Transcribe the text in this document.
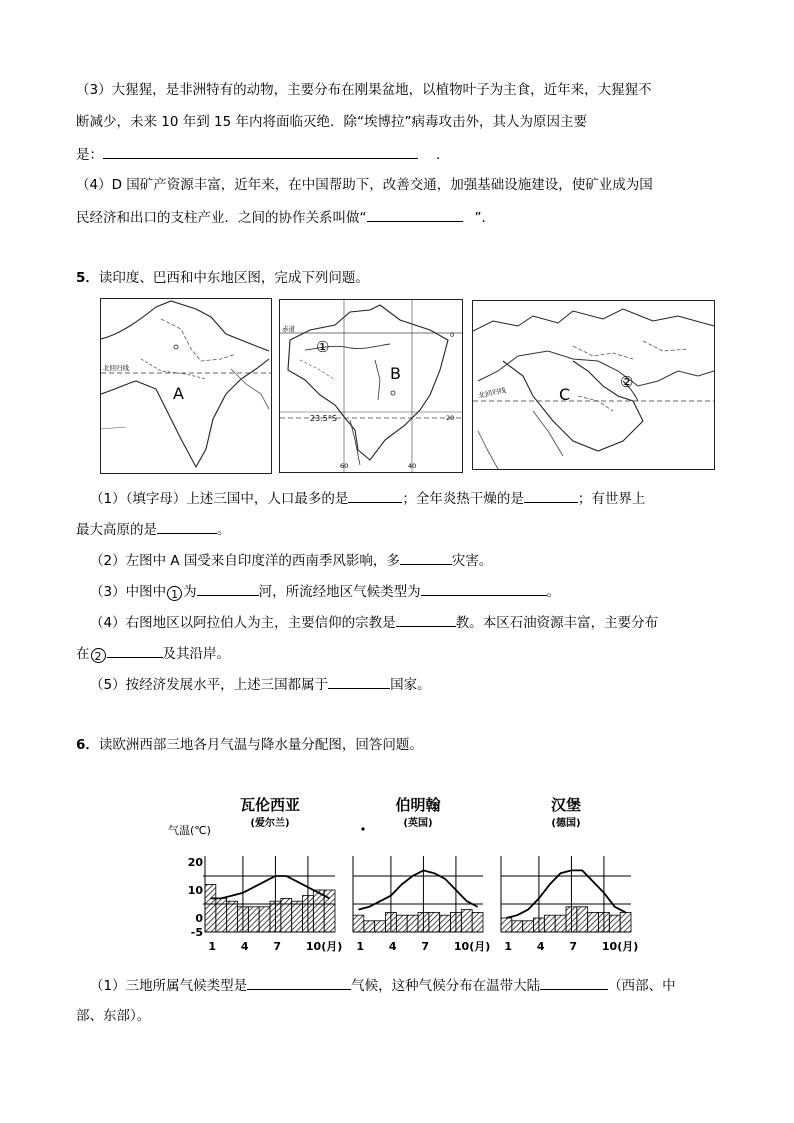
（3）大猩猩，是非洲特有的动物，主要分布在刚果盆地，以植物叶子为主食，近年来，大猩猩不
断减少，未来 10 年到 15 年内将面临灭绝．除“埃博拉”病毒攻击外，其人为原因主要
是：	．
（4）D 国矿产资源丰富，近年来，在中国帮助下，改善交通，加强基础设施建设，使矿业成为国
民经济和出口的支柱产业．之间的协作关系叫做“	”．
5．读印度、巴西和中东地区图，完成下列问题。
北回归线
A
赤道
0
20
23.5°S
60	40
①
B
北回归线	C
②
（1）（填字母）上述三国中，人口最多的是	；全年炎热干燥的是	；有世界上
最大高原的是	。
（2）左图中 A 国受来自印度洋的西南季风影响，多	灾害。
（3）中图中 1 为	河，所流经地区气候类型为	。
（4）右图地区以阿拉伯人为主，主要信仰的宗教是	教。本区石油资源丰富，主要分布
在 2	及其沿岸。
（5）按经济发展水平，上述三国都属于	国家。
6．读欧洲西部三地各月气温与降水量分配图，回答问题。
气温(℃)
20
10
0
-5
瓦伦西亚
(爱尔兰)
1 4 7 10(月)
伯明翰
(英国)
1 4 7 10(月)
汉堡
(德国)
1 4 7 10(月)
（1）三地所属气候类型是	气候，这种气候分布在温带大陆	（西部、中
部、东部）。
